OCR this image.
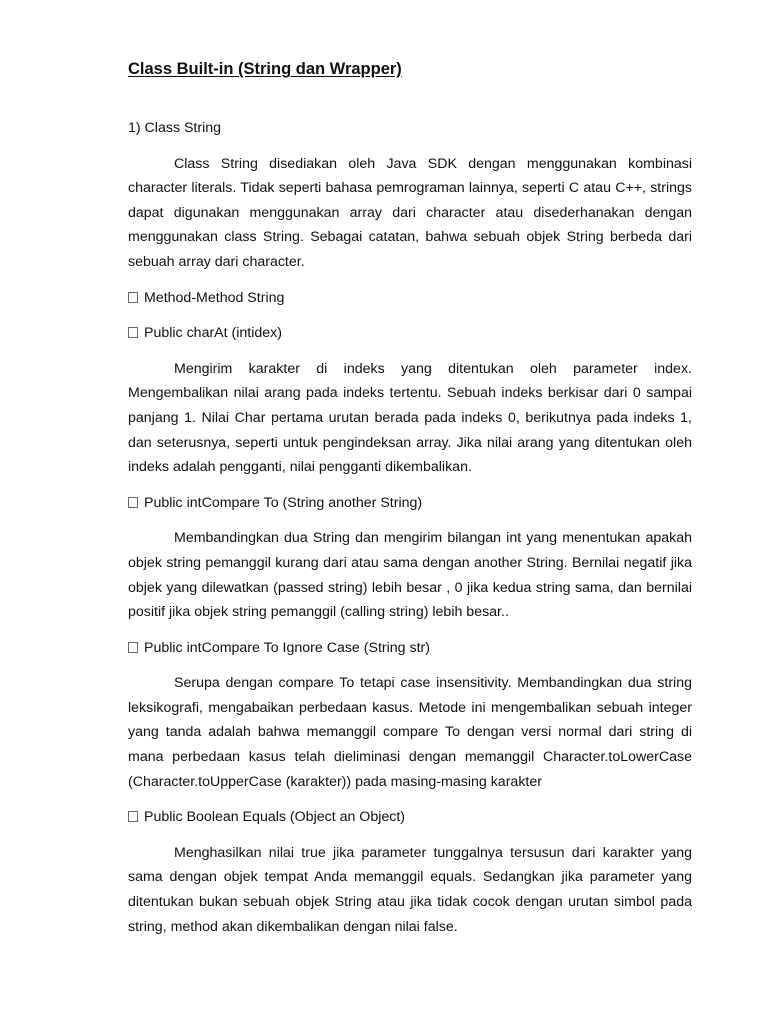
Class Built-in (String dan Wrapper)
1) Class String

Class String disediakan oleh Java SDK dengan menggunakan kombinasi character literals. Tidak seperti bahasa pemrograman lainnya, seperti C atau C++, strings dapat digunakan menggunakan array dari character atau disederhanakan dengan menggunakan class String. Sebagai catatan, bahwa sebuah objek String berbeda dari sebuah array dari character.

Method-Method String
Public charAt (intidex)

Mengirim karakter di indeks yang ditentukan oleh parameter index. Mengembalikan nilai arang pada indeks tertentu. Sebuah indeks berkisar dari 0 sampai panjang 1. Nilai Char pertama urutan berada pada indeks 0, berikutnya pada indeks 1, dan seterusnya, seperti untuk pengindeksan array. Jika nilai arang yang ditentukan oleh indeks adalah pengganti, nilai pengganti dikembalikan.

Public intCompare To (String another String)

Membandingkan dua String dan mengirim bilangan int yang menentukan apakah objek string pemanggil kurang dari atau sama dengan another String. Bernilai negatif jika objek yang dilewatkan (passed string) lebih besar , 0 jika kedua string sama, dan bernilai positif jika objek string pemanggil (calling string) lebih besar..

Public intCompare To Ignore Case (String str)

Serupa dengan compare To tetapi case insensitivity. Membandingkan dua string leksikografi, mengabaikan perbedaan kasus. Metode ini mengembalikan sebuah integer yang tanda adalah bahwa memanggil compare To dengan versi normal dari string di mana perbedaan kasus telah dieliminasi dengan memanggil Character.toLowerCase (Character.toUpperCase (karakter)) pada masing-masing karakter

Public Boolean Equals (Object an Object)

Menghasilkan nilai true jika parameter tunggalnya tersusun dari karakter yang sama dengan objek tempat Anda memanggil equals. Sedangkan jika parameter yang ditentukan bukan sebuah objek String atau jika tidak cocok dengan urutan simbol pada string, method akan dikembalikan dengan nilai false.
